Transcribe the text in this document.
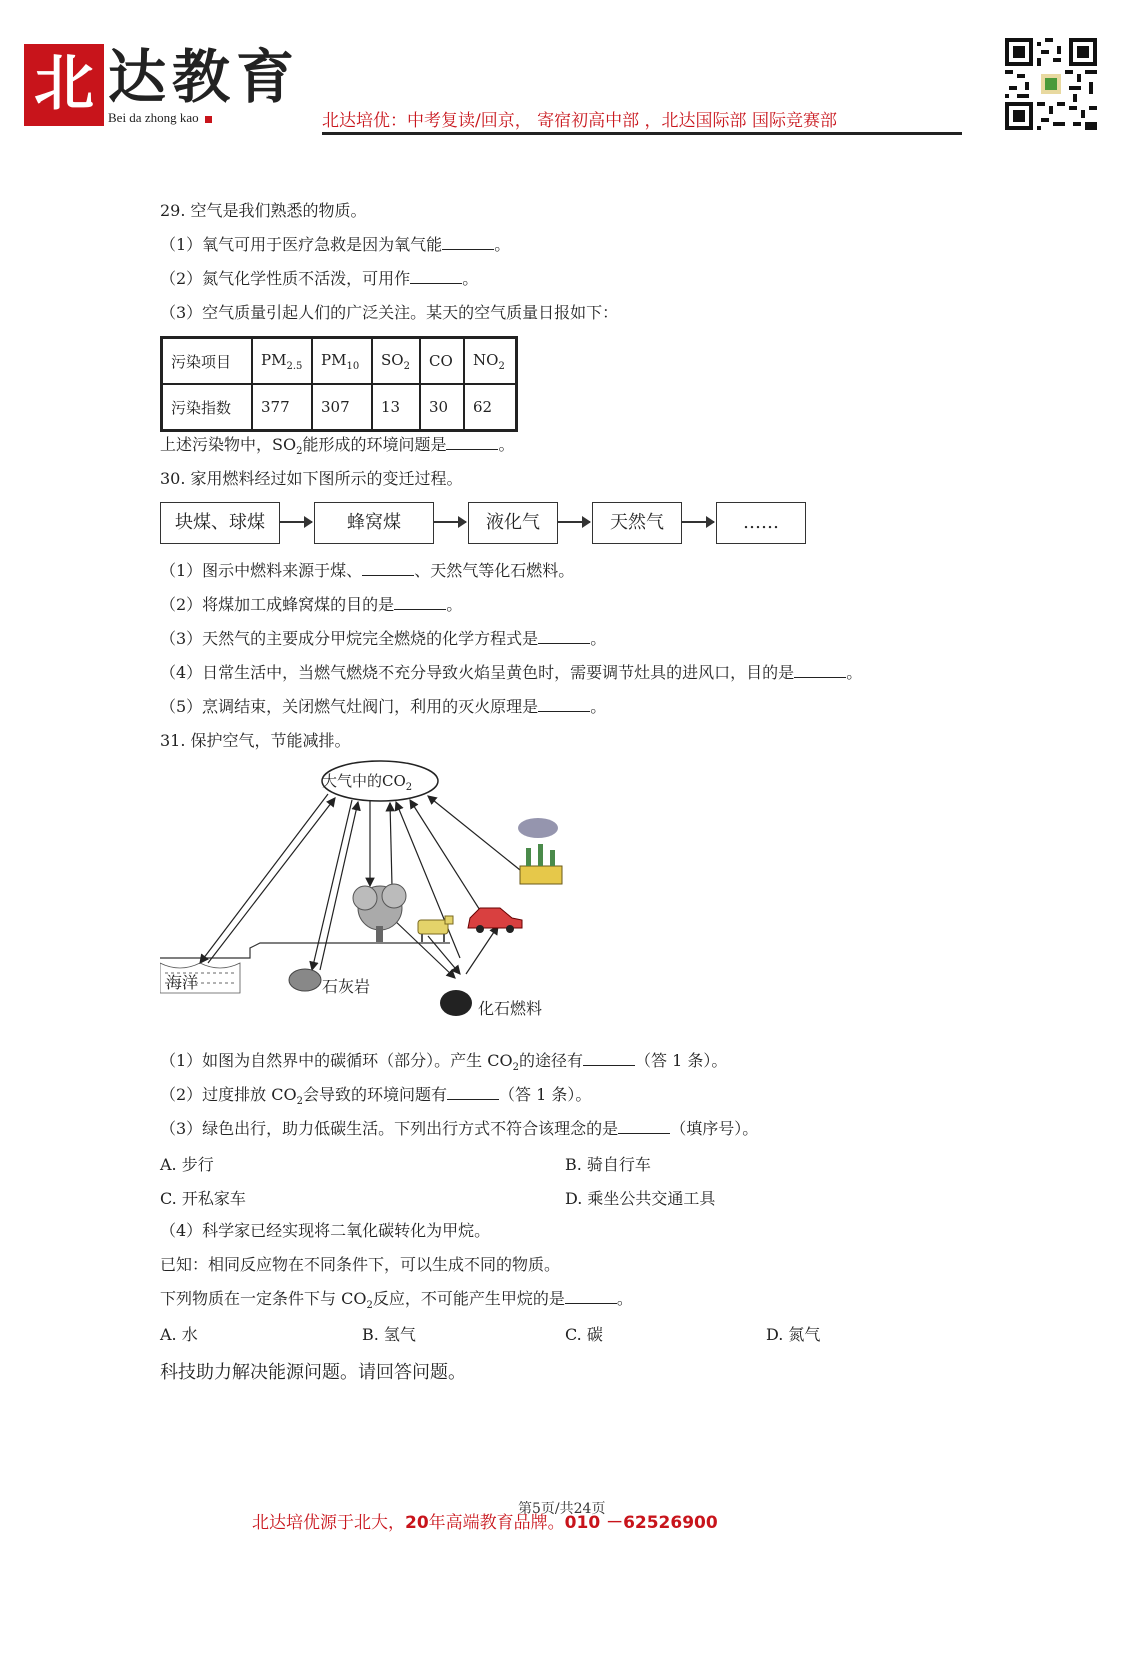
北 达教育
Bei da zhong kao	北达培优：中考复读/回京， 寄宿初高中部 ，北达国际部 国际竞赛部
29. 空气是我们熟悉的物质。
（1）氧气可用于医疗急救是因为氧气能	。
（2）氮气化学性质不活泼，可用作	。
（3）空气质量引起人们的广泛关注。某天的空气质量日报如下：
污染项目	$PM_{2.5}$	$PM_{10}$	$SO_2$	CO	$NO_2$
污染指数	377	307	13	30	62
上述污染物中，$SO_2$能形成的环境问题是	。
30. 家用燃料经过如下图所示的变迁过程。
块煤、球煤	蜂窝煤	液化气	天然气	……
（1）图示中燃料来源于煤、	、天然气等化石燃料。
（2）将煤加工成蜂窝煤的目的是	。
（3）天然气的主要成分甲烷完全燃烧的化学方程式是	。
（4）日常生活中，当燃气燃烧不充分导致火焰呈黄色时，需要调节灶具的进风口，目的是	。
（5）烹调结束，关闭燃气灶阀门，利用的灭火原理是	。
31. 保护空气，节能减排。
大气中的$CO_2$
海洋	石灰岩
化石燃料
（1）如图为自然界中的碳循环（部分）。产生 $CO_2$的途径有	（答 1 条）。
（2）过度排放 $CO_2$会导致的环境问题有	（答 1 条）。
（3）绿色出行，助力低碳生活。下列出行方式不符合该理念的是	（填序号）。
A. 步行	B. 骑自行车
C. 开私家车	D. 乘坐公共交通工具
（4）科学家已经实现将二氧化碳转化为甲烷。
已知：相同反应物在不同条件下，可以生成不同的物质。
下列物质在一定条件下与 $CO_2$反应，不可能产生甲烷的是	。
A. 水	B. 氢气	C. 碳	D. 氮气
科技助力解决能源问题。请回答问题。
第5页/共24页
北达培优源于北大，20年高端教育品牌。010 －62526900
